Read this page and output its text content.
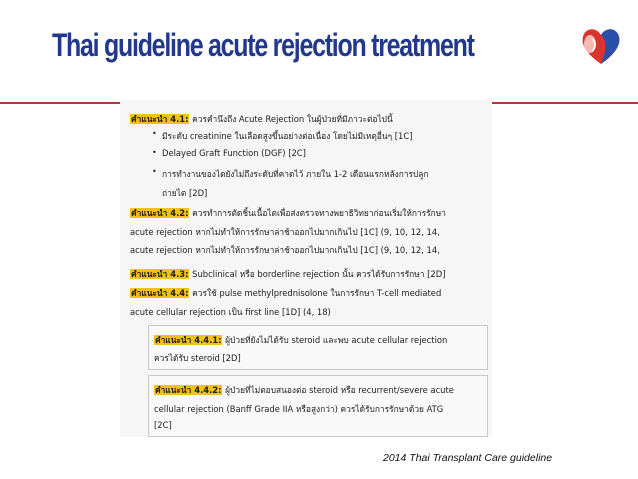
Thai guideline acute rejection treatment
คำแนะนำ 4.1: ควรคำนึงถึง Acute Rejection ในผู้ป่วยที่มีภาวะต่อไปนี้
• มีระดับ creatinine ในเลือดสูงขึ้นอย่างต่อเนื่อง โดยไม่มีเหตุอื่นๆ [1C]
• Delayed Graft Function (DGF) [2C]
• การทำงานของไตยังไม่ถึงระดับที่คาดไว้ ภายใน 1-2 เดือนแรกหลังการปลูก
ถ่ายไต [2D]
คำแนะนำ 4.2: ควรทำการตัดชิ้นเนื้อไตเพื่อส่งตรวจทางพยาธิวิทยาก่อนเริ่มให้การรักษา
acute rejection หากไม่ทำให้การรักษาล่าช้าออกไปมากเกินไป [1C] (9, 10, 12, 14,
acute rejection หากไม่ทำให้การรักษาล่าช้าออกไปมากเกินไป [1C] (9, 10, 12, 14,
คำแนะนำ 4.3: Subclinical หรือ borderline rejection นั้น ควรได้รับการรักษา [2D]
คำแนะนำ 4.4: ควรใช้ pulse methylprednisolone ในการรักษา T-cell mediated
acute cellular rejection เป็น first line [1D] (4, 18)
คำแนะนำ 4.4.1: ผู้ป่วยที่ยังไม่ได้รับ steroid และพบ acute cellular rejection
ควรได้รับ steroid [2D]
คำแนะนำ 4.4.2: ผู้ป่วยที่ไม่ตอบสนองต่อ steroid หรือ recurrent/severe acute
cellular rejection (Banff Grade IIA หรือสูงกว่า) ควรได้รับการรักษาด้วย ATG
[2C]
2014 Thai Transplant Care guideline
